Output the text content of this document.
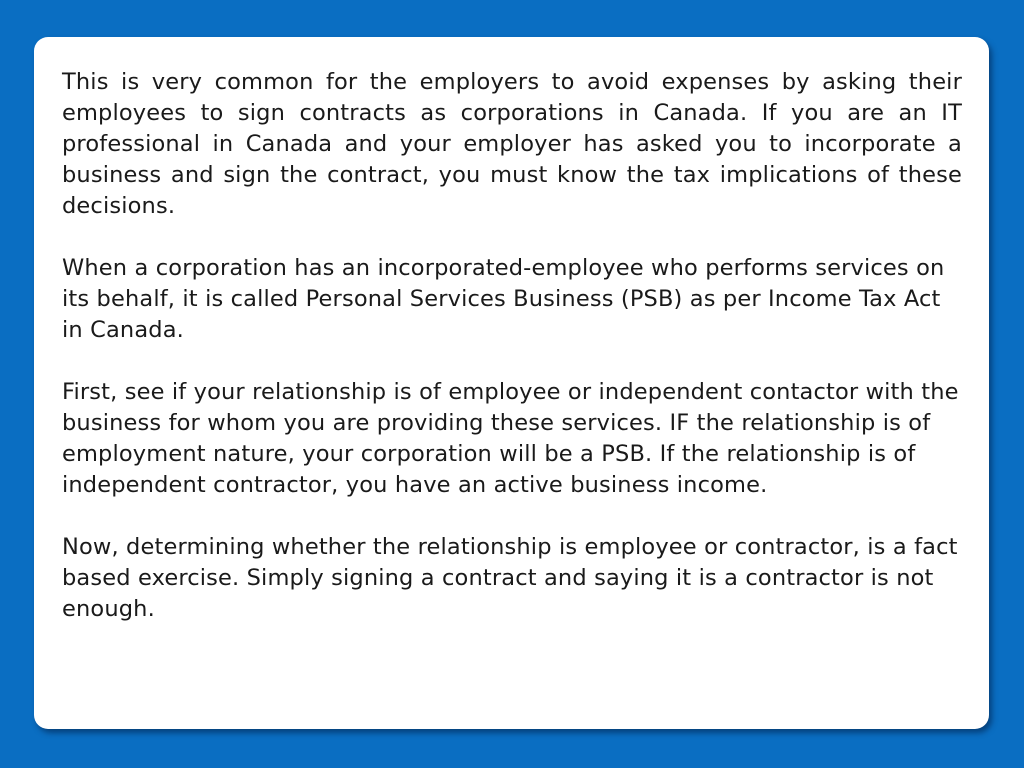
This is very common for the employers to avoid expenses by asking their employees to sign contracts as corporations in Canada. If you are an IT professional in Canada and your employer has asked you to incorporate a business and sign the contract, you must know the tax implications of these decisions.

When a corporation has an incorporated-employee who performs services on its behalf, it is called Personal Services Business (PSB) as per Income Tax Act in Canada.

First, see if your relationship is of employee or independent contactor with the business for whom you are providing these services. IF the relationship is of employment nature, your corporation will be a PSB. If the relationship is of independent contractor, you have an active business income.

Now, determining whether the relationship is employee or contractor, is a fact based exercise. Simply signing a contract and saying it is a contractor is not enough.
